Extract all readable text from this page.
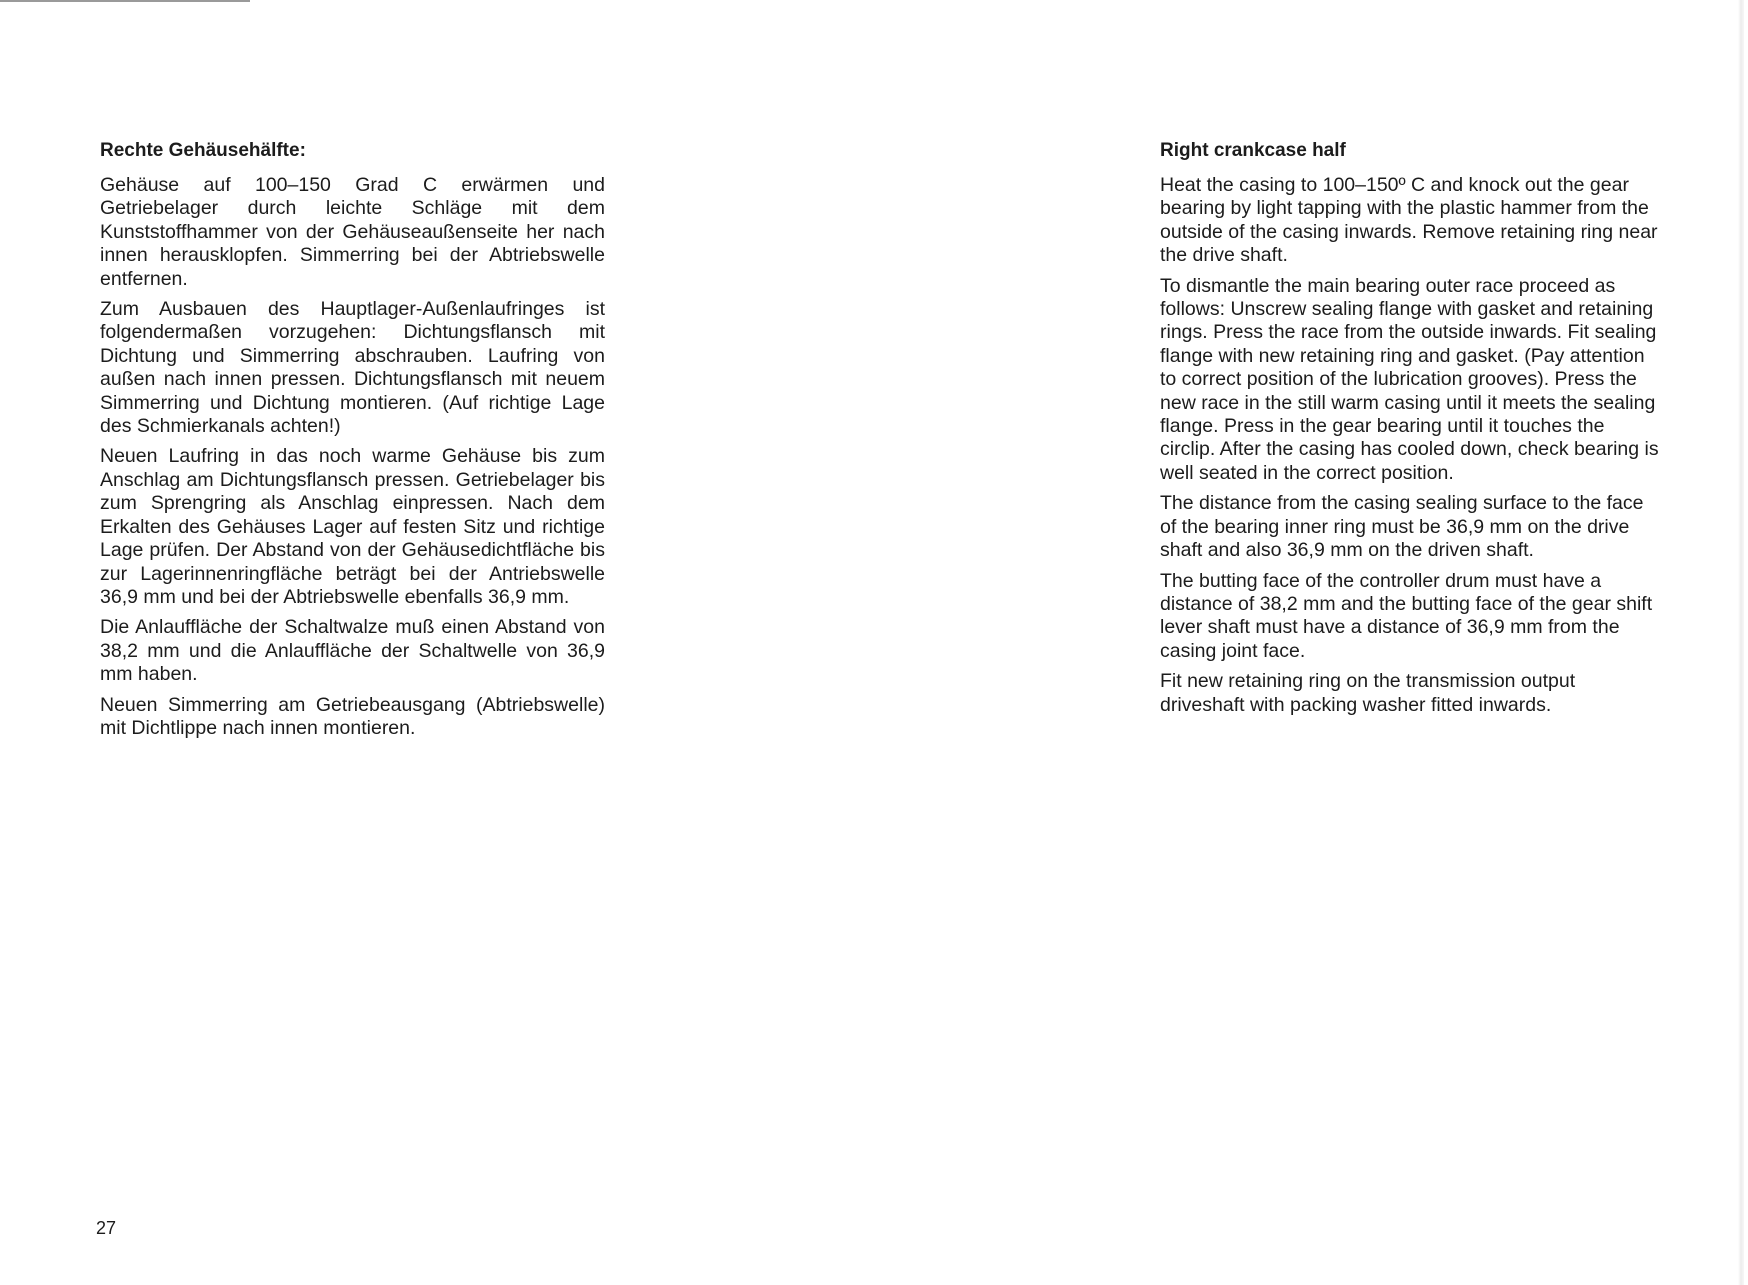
Rechte Gehäusehälfte:

Gehäuse auf 100–150 Grad C erwärmen und Getriebelager durch leichte Schläge mit dem Kunststoffhammer von der Gehäuseaußenseite her nach innen herausklopfen. Simmerring bei der Abtriebswelle entfernen.

Zum Ausbauen des Hauptlager-Außenlaufringes ist folgendermaßen vorzugehen: Dichtungsflansch mit Dichtung und Simmerring abschrauben. Laufring von außen nach innen pressen. Dichtungsflansch mit neuem Simmerring und Dichtung montieren. (Auf richtige Lage des Schmierkanals achten!)

Neuen Laufring in das noch warme Gehäuse bis zum Anschlag am Dichtungsflansch pressen. Getriebelager bis zum Sprengring als Anschlag einpressen. Nach dem Erkalten des Gehäuses Lager auf festen Sitz und richtige Lage prüfen. Der Abstand von der Gehäusedichtfläche bis zur Lagerinnenringfläche beträgt bei der Antriebswelle 36,9 mm und bei der Abtriebswelle ebenfalls 36,9 mm.

Die Anlauffläche der Schaltwalze muß einen Abstand von 38,2 mm und die Anlauffläche der Schaltwelle von 36,9 mm haben.

Neuen Simmerring am Getriebeausgang (Abtriebswelle) mit Dichtlippe nach innen montieren.

Right crankcase half

Heat the casing to 100–150º C and knock out the gear bearing by light tapping with the plastic hammer from the outside of the casing inwards. Remove retaining ring near the drive shaft.

To dismantle the main bearing outer race proceed as follows: Unscrew sealing flange with gasket and retaining rings. Press the race from the outside inwards. Fit sealing flange with new retaining ring and gasket. (Pay attention to correct position of the lubrication grooves). Press the new race in the still warm casing until it meets the sealing flange. Press in the gear bearing until it touches the circlip. After the casing has cooled down, check bearing is well seated in the correct position.

The distance from the casing sealing surface to the face of the bearing inner ring must be 36,9 mm on the drive shaft and also 36,9 mm on the driven shaft.

The butting face of the controller drum must have a distance of 38,2 mm and the butting face of the gear shift lever shaft must have a distance of 36,9 mm from the casing joint face.

Fit new retaining ring on the transmission output driveshaft with packing washer fitted inwards.

27
